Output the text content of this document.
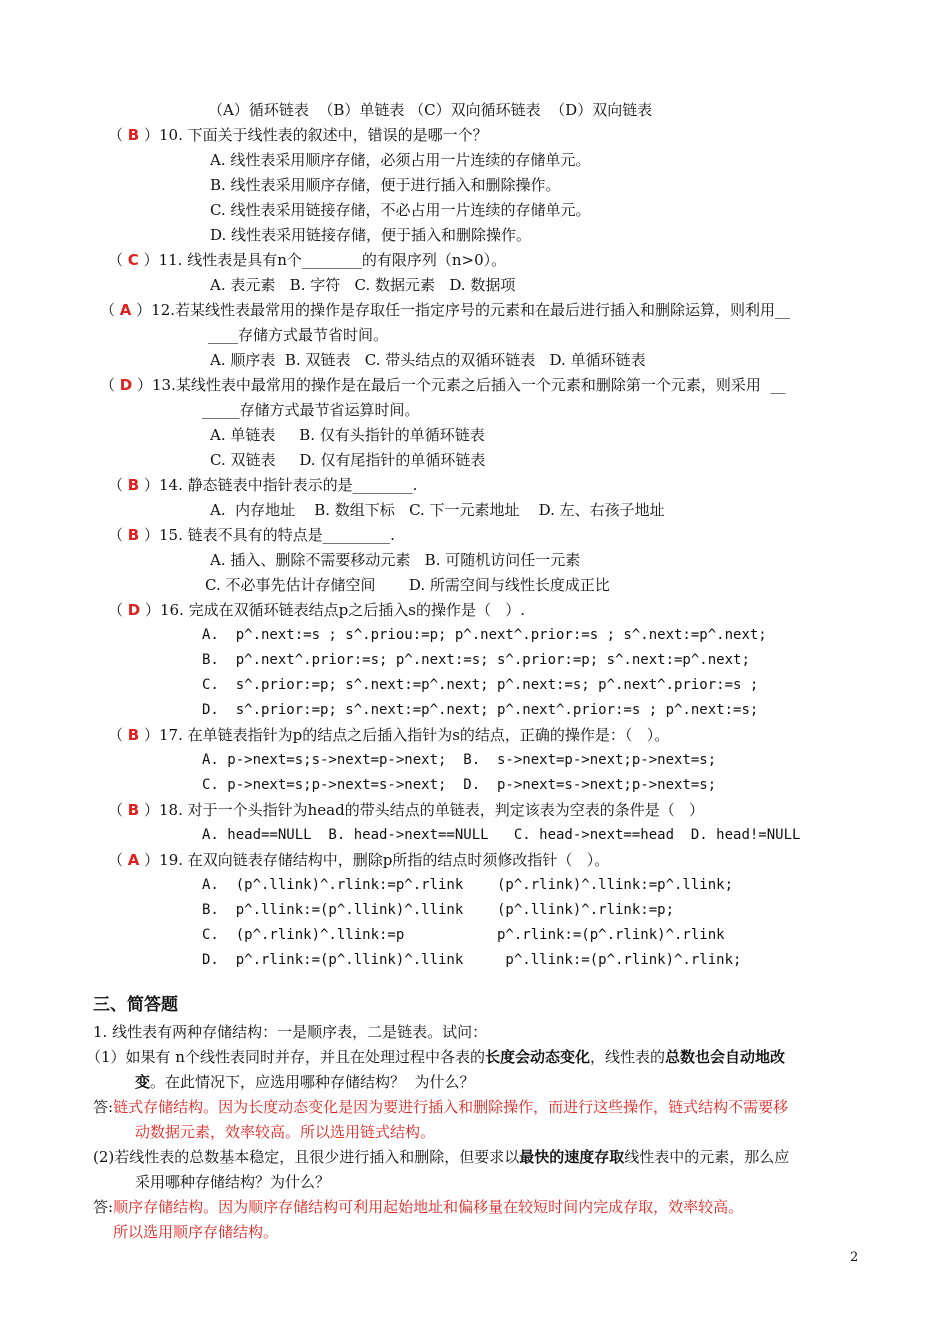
（A）循环链表  （B）单链表 （C）双向循环链表  （D）双向链表
（ B ）10. 下面关于线性表的叙述中，错误的是哪一个？
A. 线性表采用顺序存储，必须占用一片连续的存储单元。
B. 线性表采用顺序存储，便于进行插入和删除操作。
C. 线性表采用链接存储，不必占用一片连续的存储单元。
D. 线性表采用链接存储，便于插入和删除操作。
（ C ）11. 线性表是具有n个________的有限序列（n>0）。
A. 表元素   B. 字符   C. 数据元素   D. 数据项
（ A ）12.若某线性表最常用的操作是存取任一指定序号的元素和在最后进行插入和删除运算，则利用__
____存储方式最节省时间。
A. 顺序表  B. 双链表   C. 带头结点的双循环链表   D. 单循环链表
（ D ）13.某线性表中最常用的操作是在最后一个元素之后插入一个元素和删除第一个元素，则采用  __
_____存储方式最节省运算时间。
A. 单链表     B. 仅有头指针的单循环链表
C. 双链表     D. 仅有尾指针的单循环链表
（ B ）14. 静态链表中指针表示的是________.
A.  内存地址    B. 数组下标   C. 下一元素地址    D. 左、右孩子地址
（ B ）15. 链表不具有的特点是_________.
A. 插入、删除不需要移动元素   B. 可随机访问任一元素
C. 不必事先估计存储空间       D. 所需空间与线性长度成正比
（ D ）16. 完成在双循环链表结点p之后插入s的操作是（   ）.
A.  p^.next:=s ; s^.priou:=p; p^.next^.prior:=s ; s^.next:=p^.next;
B.  p^.next^.prior:=s; p^.next:=s; s^.prior:=p; s^.next:=p^.next;
C.  s^.prior:=p; s^.next:=p^.next; p^.next:=s; p^.next^.prior:=s ;
D.  s^.prior:=p; s^.next:=p^.next; p^.next^.prior:=s ; p^.next:=s;
（ B ）17. 在单链表指针为p的结点之后插入指针为s的结点，正确的操作是：（   ）。
A. p->next=s;s->next=p->next;  B.  s->next=p->next;p->next=s;
C. p->next=s;p->next=s->next;  D.  p->next=s->next;p->next=s;
（ B ）18. 对于一个头指针为head的带头结点的单链表，判定该表为空表的条件是（   ）
A. head==NULL  B. head->next==NULL   C. head->next==head  D. head!=NULL
（ A ）19. 在双向链表存储结构中，删除p所指的结点时须修改指针（   ）。
A.  (p^.llink)^.rlink:=p^.rlink    (p^.rlink)^.llink:=p^.llink;
B.  p^.llink:=(p^.llink)^.llink    (p^.llink)^.rlink:=p;
C.  (p^.rlink)^.llink:=p           p^.rlink:=(p^.rlink)^.rlink
D.  p^.rlink:=(p^.llink)^.llink     p^.llink:=(p^.rlink)^.rlink;
三、简答题
1. 线性表有两种存储结构：一是顺序表，二是链表。试问：
（1）如果有 n个线性表同时并存，并且在处理过程中各表的长度会动态变化，线性表的总数也会自动地改
变。在此情况下，应选用哪种存储结构？  为什么？
答:链式存储结构。因为长度动态变化是因为要进行插入和删除操作，而进行这些操作，链式结构不需要移
动数据元素，效率较高。所以选用链式结构。
(2)若线性表的总数基本稳定，且很少进行插入和删除，但要求以最快的速度存取线性表中的元素，那么应
采用哪种存储结构？为什么？
答:顺序存储结构。因为顺序存储结构可利用起始地址和偏移量在较短时间内完成存取，效率较高。
所以选用顺序存储结构。
2
